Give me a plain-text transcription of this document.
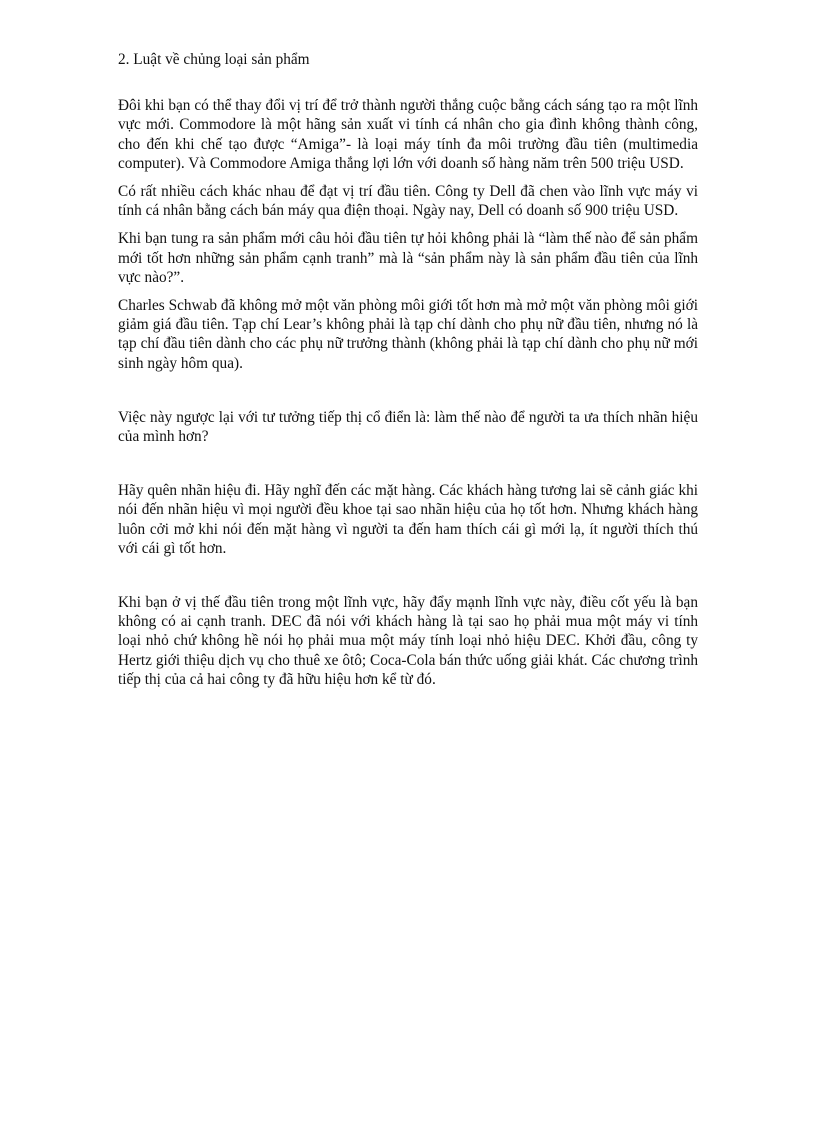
2. Luật về chủng loại sản phẩm

Đôi khi bạn có thể thay đổi vị trí để trở thành người thắng cuộc bằng cách sáng tạo ra một lĩnh vực mới. Commodore là một hãng sản xuất vi tính cá nhân cho gia đình không thành công, cho đến khi chế tạo được “Amiga”- là loại máy tính đa môi trường đầu tiên (multimedia computer). Và Commodore Amiga thắng lợi lớn với doanh số hàng năm trên 500 triệu USD.

Có rất nhiều cách khác nhau để đạt vị trí đầu tiên. Công ty Dell đã chen vào lĩnh vực máy vi tính cá nhân bằng cách bán máy qua điện thoại. Ngày nay, Dell có doanh số 900 triệu USD.

Khi bạn tung ra sản phẩm mới câu hỏi đầu tiên tự hỏi không phải là “làm thế nào để sản phẩm mới tốt hơn những sản phẩm cạnh tranh” mà là “sản phẩm này là sản phẩm đầu tiên của lĩnh vực nào?”.

Charles Schwab đã không mở một văn phòng môi giới tốt hơn mà mở một văn phòng môi giới giảm giá đầu tiên. Tạp chí Lear’s không phải là tạp chí dành cho phụ nữ đầu tiên, nhưng nó là tạp chí đầu tiên dành cho các phụ nữ trưởng thành (không phải là tạp chí dành cho phụ nữ mới sinh ngày hôm qua).

Việc này ngược lại với tư tưởng tiếp thị cổ điển là: làm thế nào để người ta ưa thích nhãn hiệu của mình hơn?

Hãy quên nhãn hiệu đi. Hãy nghĩ đến các mặt hàng. Các khách hàng tương lai sẽ cảnh giác khi nói đến nhãn hiệu vì mọi người đều khoe tại sao nhãn hiệu của họ tốt hơn. Nhưng khách hàng luôn cởi mở khi nói đến mặt hàng vì người ta đến ham thích cái gì mới lạ, ít người thích thú với cái gì tốt hơn.

Khi bạn ở vị thế đầu tiên trong một lĩnh vực, hãy đẩy mạnh lĩnh vực này, điều cốt yếu là bạn không có ai cạnh tranh. DEC đã nói với khách hàng là tại sao họ phải mua một máy vi tính loại nhỏ chứ không hề nói họ phải mua một máy tính loại nhỏ hiệu DEC. Khởi đầu, công ty Hertz giới thiệu dịch vụ cho thuê xe ôtô; Coca-Cola bán thức uống giải khát. Các chương trình tiếp thị của cả hai công ty đã hữu hiệu hơn kể từ đó.
